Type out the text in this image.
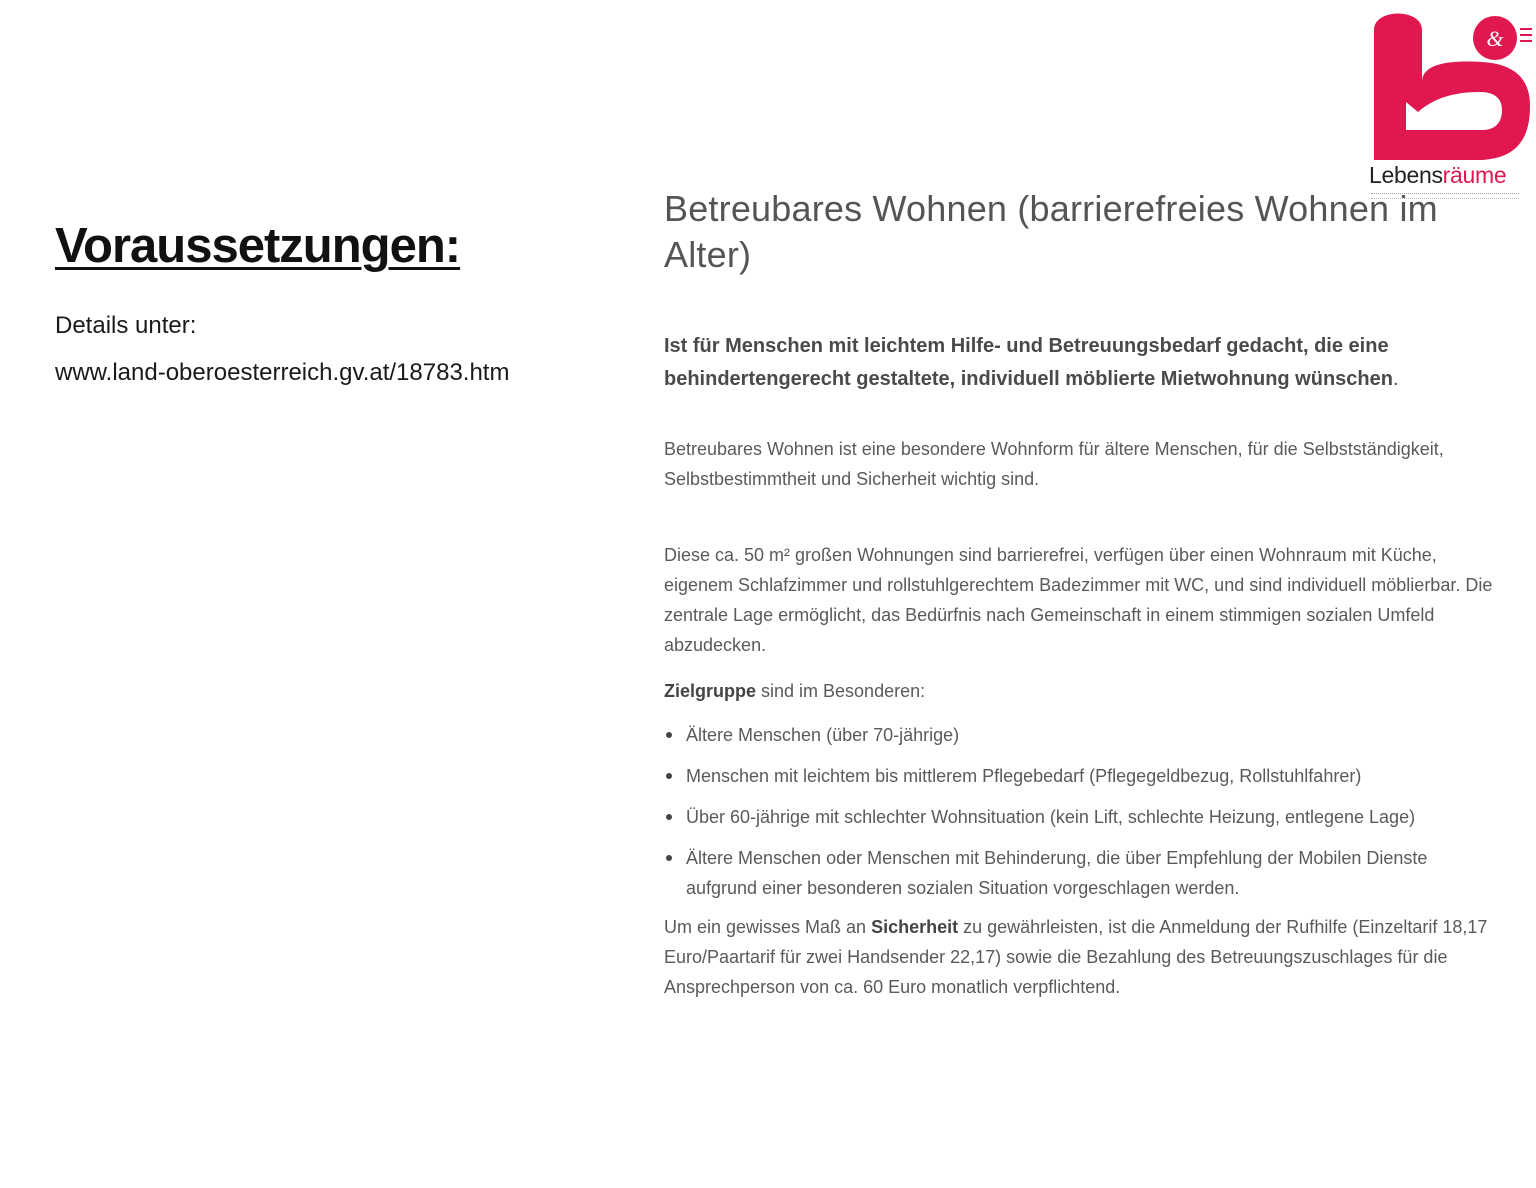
Voraussetzungen:
Details unter:
www.land-oberoesterreich.gv.at/18783.htm
&
Lebensräume
Betreubares Wohnen (barrierefreies Wohnen im Alter)

Ist für Menschen mit leichtem Hilfe- und Betreuungsbedarf gedacht, die eine behindertengerecht gestaltete, individuell möblierte Mietwohnung wünschen.

Betreubares Wohnen ist eine besondere Wohnform für ältere Menschen, für die Selbstständigkeit, Selbstbestimmtheit und Sicherheit wichtig sind.

Diese ca. 50 m² großen Wohnungen sind barrierefrei, verfügen über einen Wohnraum mit Küche, eigenem Schlafzimmer und rollstuhlgerechtem Badezimmer mit WC, und sind individuell möblierbar. Die zentrale Lage ermöglicht, das Bedürfnis nach Gemeinschaft in einem stimmigen sozialen Umfeld abzudecken.

Zielgruppe sind im Besonderen:

Ältere Menschen (über 70-jährige)
Menschen mit leichtem bis mittlerem Pflegebedarf (Pflegegeldbezug, Rollstuhlfahrer)
Über 60-jährige mit schlechter Wohnsituation (kein Lift, schlechte Heizung, entlegene Lage)
Ältere Menschen oder Menschen mit Behinderung, die über Empfehlung der Mobilen Dienste aufgrund einer besonderen sozialen Situation vorgeschlagen werden.

Um ein gewisses Maß an Sicherheit zu gewährleisten, ist die Anmeldung der Rufhilfe (Einzeltarif 18,17 Euro/Paartarif für zwei Handsender 22,17) sowie die Bezahlung des Betreuungszuschlages für die Ansprechperson von ca. 60 Euro monatlich verpflichtend.
